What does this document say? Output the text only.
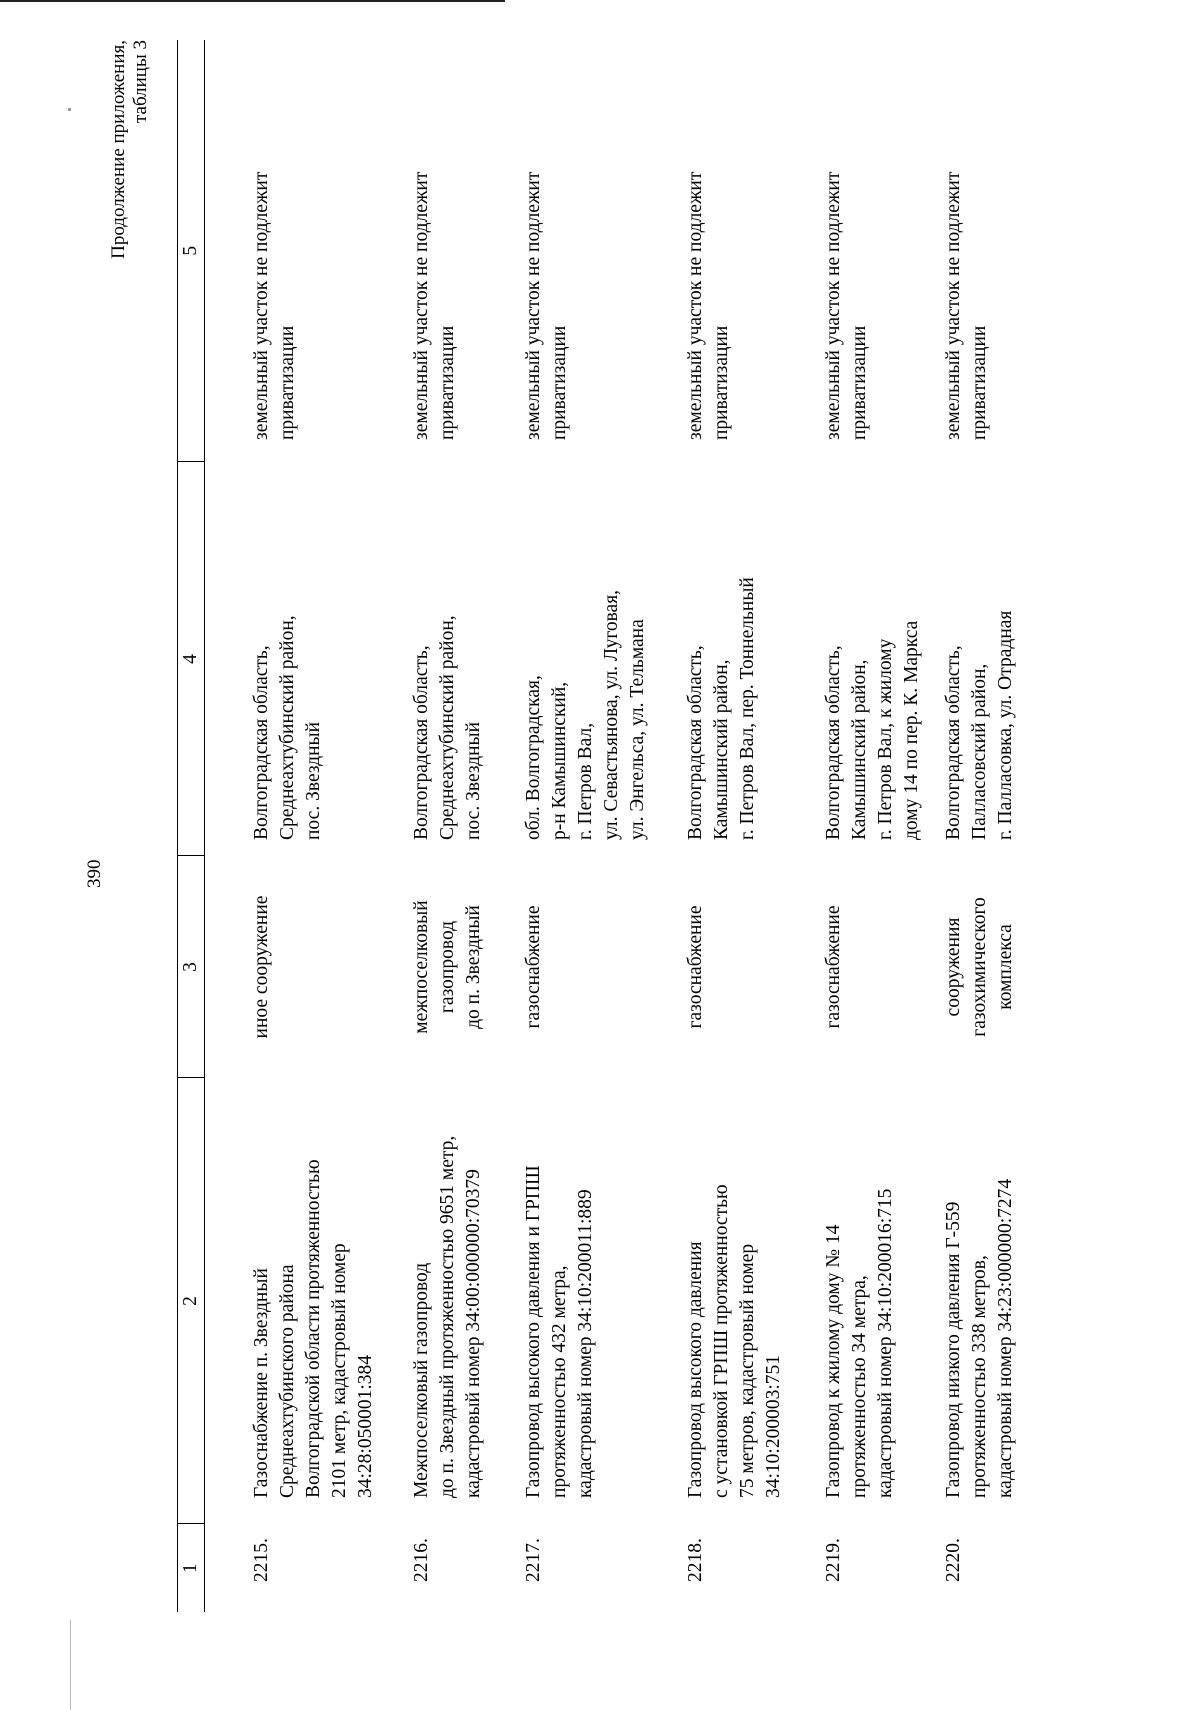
390
Продолжение приложения, таблицы 3
1	2	3	4	5
2215.	Газоснабжение п. Звездный
Среднеахтубинского района
Волгоградской области протяженностью
2101 метр, кадастровый номер
34:28:050001:384	иное сооружение	Волгоградская область,
Среднеахтубинский район,
пос. Звездный	земельный участок не подлежит
приватизации
2216.	Межпоселковый газопровод
до п. Звездный протяженностью 9651 метр,
кадастровый номер 34:00:000000:70379	межпоселковый
газопровод
до п. Звездный	Волгоградская область,
Среднеахтубинский район,
пос. Звездный	земельный участок не подлежит
приватизации
2217.	Газопровод высокого давления и ГРПШ
протяженностью 432 метра,
кадастровый номер 34:10:200011:889	газоснабжение	обл. Волгоградская,
р-н Камышинский,
г. Петров Вал,
ул. Севастьянова, ул. Луговая,
ул. Энгельса, ул. Тельмана	земельный участок не подлежит
приватизации
2218.	Газопровод высокого давления
с установкой ГРПШ протяженностью
75 метров, кадастровый номер
34:10:200003:751	газоснабжение	Волгоградская область,
Камышинский район,
г. Петров Вал, пер. Тоннельный	земельный участок не подлежит
приватизации
2219.	Газопровод к жилому дому № 14
протяженностью 34 метра,
кадастровый номер 34:10:200016:715	газоснабжение	Волгоградская область,
Камышинский район,
г. Петров Вал, к жилому
дому 14 по пер. К. Маркса	земельный участок не подлежит
приватизации
2220.	Газопровод низкого давления Г-559
протяженностью 338 метров,
кадастровый номер 34:23:000000:7274	сооружения
газохимического
комплекса	Волгоградская область,
Палласовский район,
г. Палласовка, ул. Отрадная	земельный участок не подлежит
приватизации
